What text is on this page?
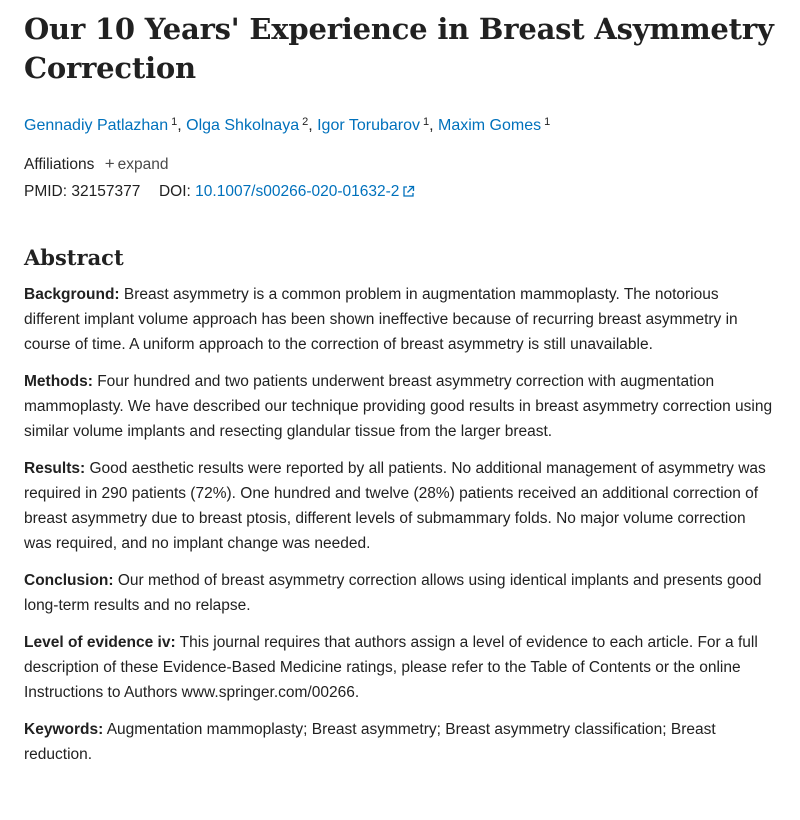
Our 10 Years' Experience in Breast Asymmetry Correction
Gennadiy Patlazhan $^1$, Olga Shkolnaya $^2$, Igor Torubarov $^1$, Maxim Gomes $^1$
Affiliations + expand
PMID: 32157377 DOI: 10.1007/s00266-020-01632-2
Abstract

Background: Breast asymmetry is a common problem in augmentation mammoplasty. The notorious different implant volume approach has been shown ineffective because of recurring breast asymmetry in course of time. A uniform approach to the correction of breast asymmetry is still unavailable.

Methods: Four hundred and two patients underwent breast asymmetry correction with augmentation mammoplasty. We have described our technique providing good results in breast asymmetry correction using similar volume implants and resecting glandular tissue from the larger breast.

Results: Good aesthetic results were reported by all patients. No additional management of asymmetry was required in 290 patients (72%). One hundred and twelve (28%) patients received an additional correction of breast asymmetry due to breast ptosis, different levels of submammary folds. No major volume correction was required, and no implant change was needed.

Conclusion: Our method of breast asymmetry correction allows using identical implants and presents good long-term results and no relapse.

Level of evidence iv: This journal requires that authors assign a level of evidence to each article. For a full description of these Evidence-Based Medicine ratings, please refer to the Table of Contents or the online Instructions to Authors www.springer.com/00266.

Keywords: Augmentation mammoplasty; Breast asymmetry; Breast asymmetry classification; Breast reduction.
